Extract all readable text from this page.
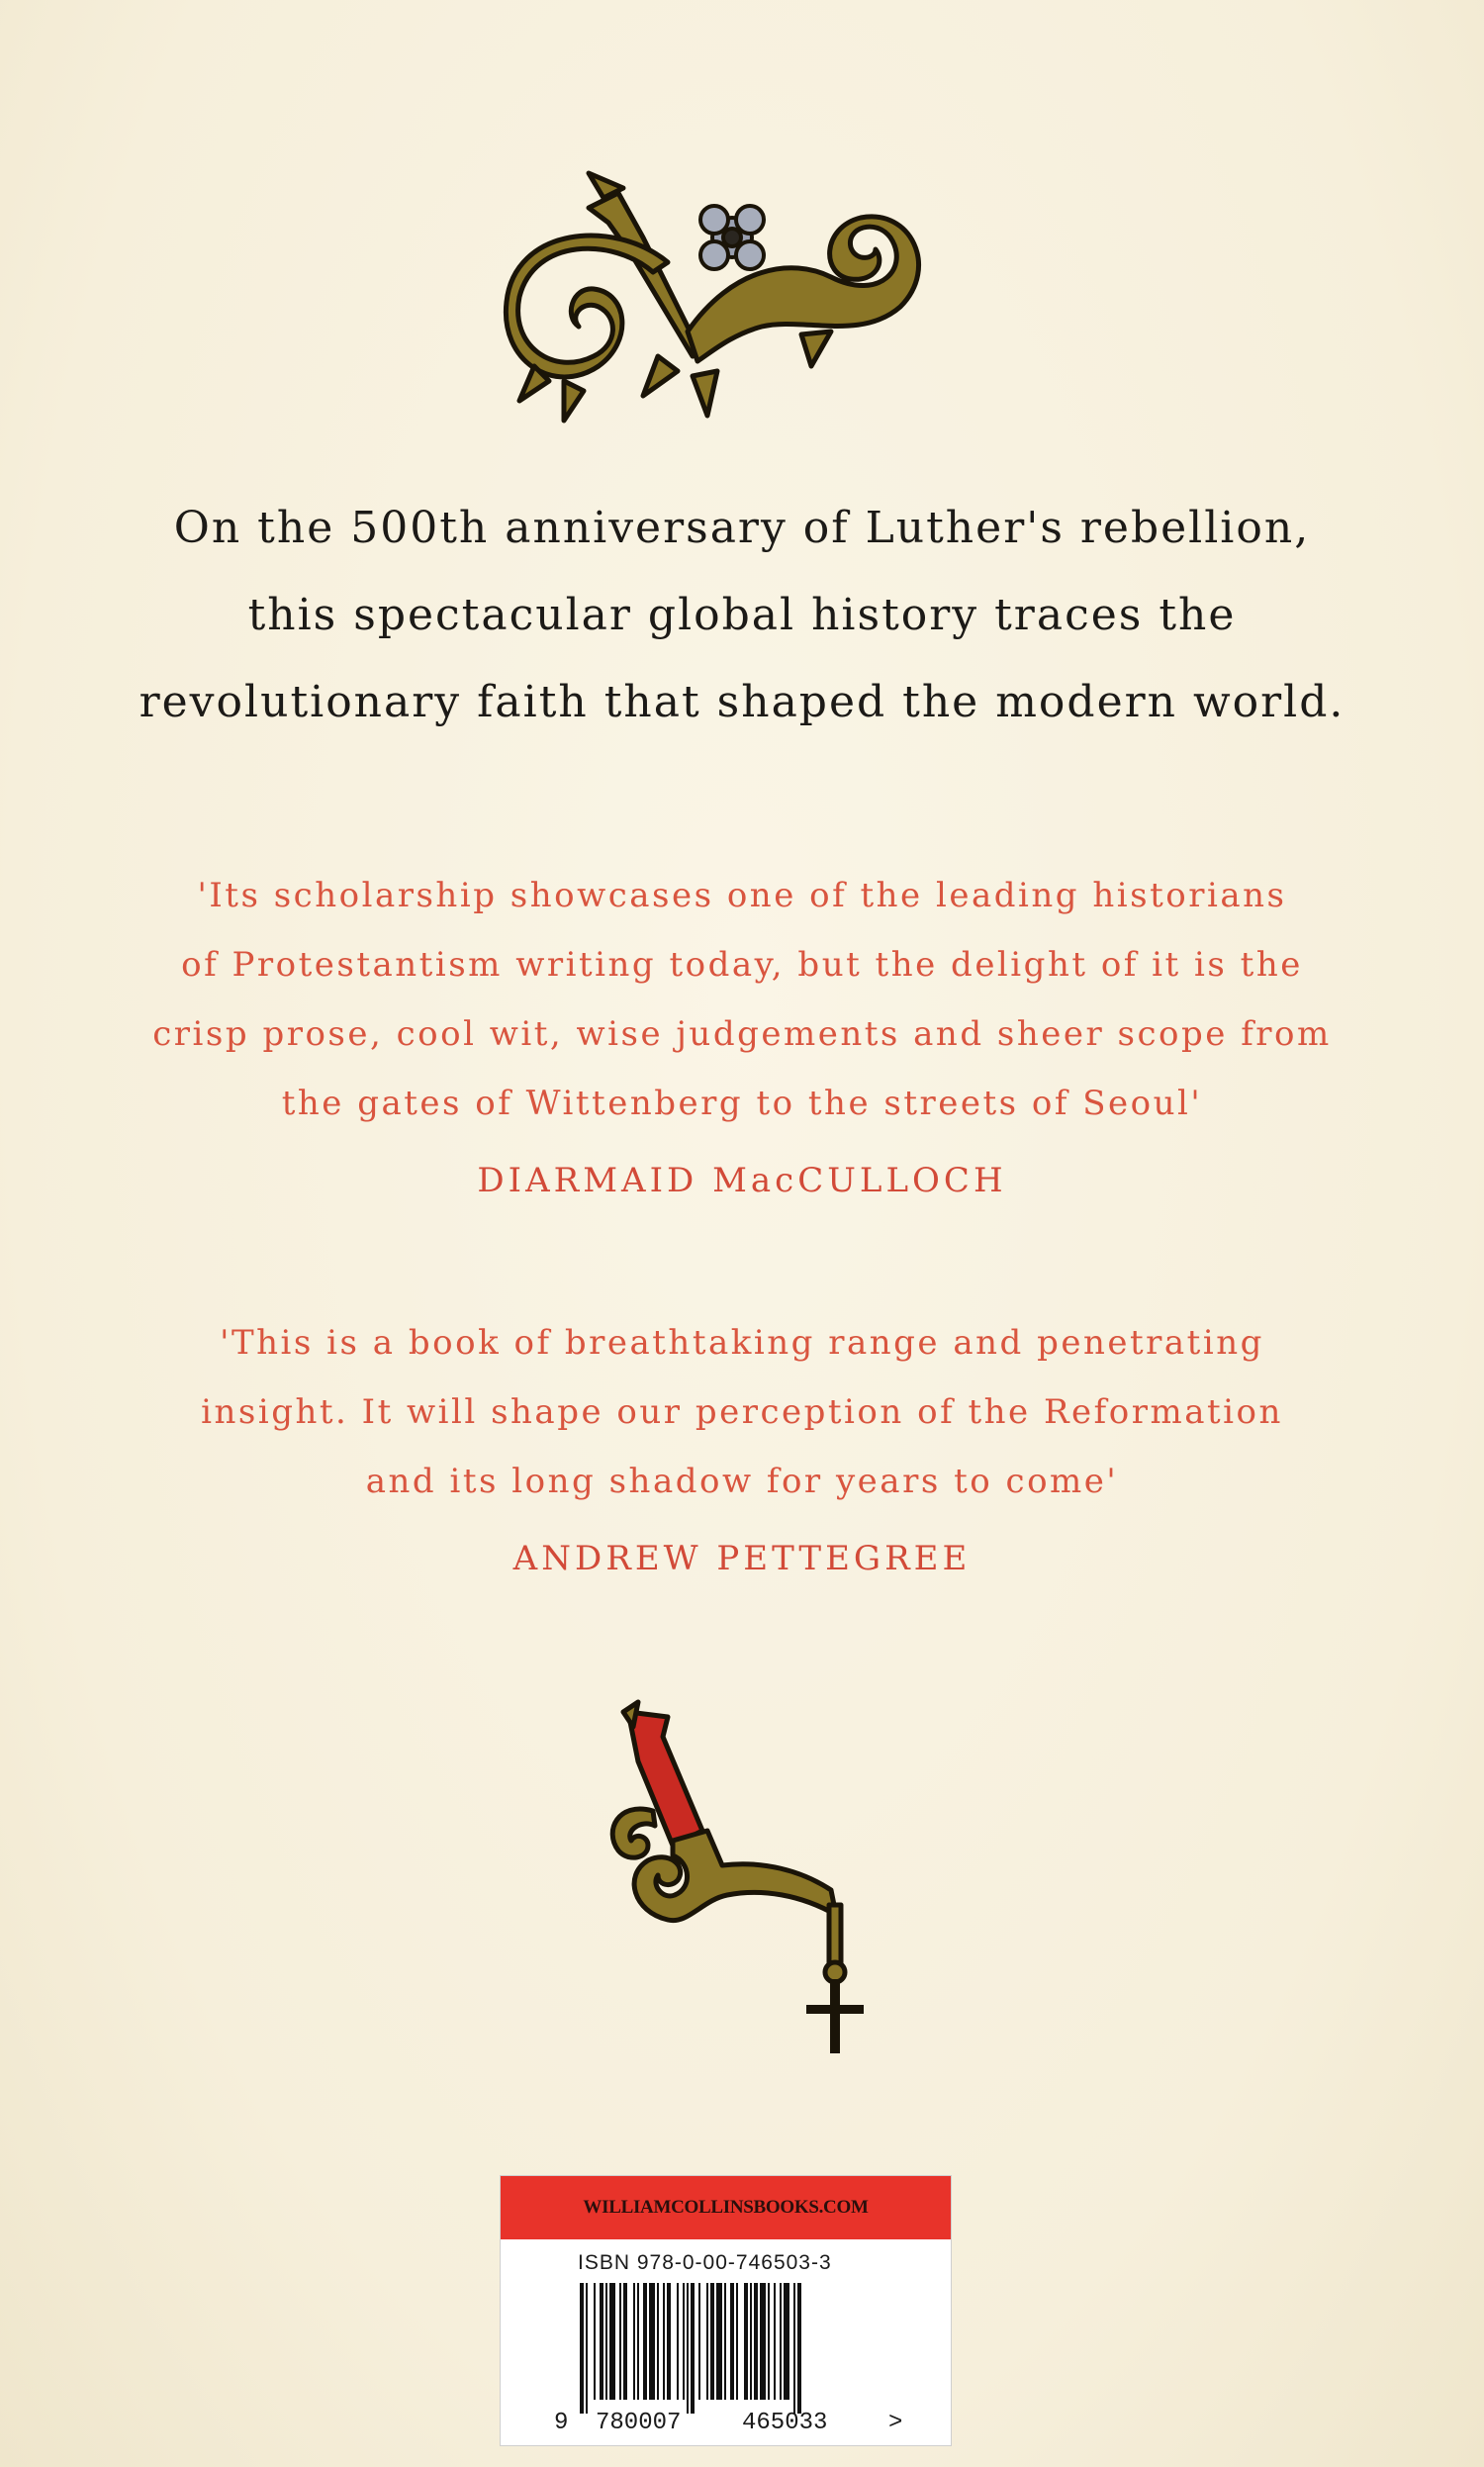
On the 500th anniversary of Luther's rebellion,
this spectacular global history traces the
revolutionary faith that shaped the modern world.
'Its scholarship showcases one of the leading historians
of Protestantism writing today, but the delight of it is the
crisp prose, cool wit, wise judgements and sheer scope from
the gates of Wittenberg to the streets of Seoul'
DIARMAID MacCULLOCH
'This is a book of breathtaking range and penetrating
insight. It will shape our perception of the Reformation
and its long shadow for years to come'
ANDREW PETTEGREE
WILLIAMCOLLINSBOOKS.COM
ISBN 978-0-00-746503-3
9 780007	465033	>
